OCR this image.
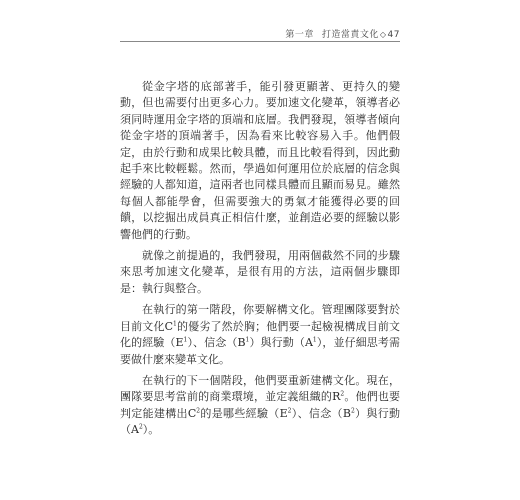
第一章 打造當責文化◇47

從金字塔的底部著手，能引發更顯著、更持久的變動，但也需要付出更多心力。要加速文化變革，領導者必須同時運用金字塔的頂端和底層。我們發現，領導者傾向從金字塔的頂端著手，因為看來比較容易入手。他們假定，由於行動和成果比較具體，而且比較看得到，因此動起手來比較輕鬆。然而，學過如何運用位於底層的信念與經驗的人都知道，這兩者也同樣具體而且顯而易見。雖然每個人都能學會，但需要強大的勇氣才能獲得必要的回饋，以挖掘出成員真正相信什麼，並創造必要的經驗以影響他們的行動。

就像之前提過的，我們發現，用兩個截然不同的步驟來思考加速文化變革，是很有用的方法，這兩個步驟即是：執行與整合。

在執行的第一階段，你要解構文化。管理團隊要對於目前文化$C^1$的優劣了然於胸；他們要一起檢視構成目前文化的經驗$(E^1)$、信念$(B^1)$與行動$(A^1)$，並仔細思考需要做什麼來變革文化。

在執行的下一個階段，他們要重新建構文化。現在，團隊要思考當前的商業環境，並定義組織的$R^2$。他們也要判定能建構出$C^2$的是哪些經驗$(E^2)$、信念$(B^2)$與行動$(A^2)$。
